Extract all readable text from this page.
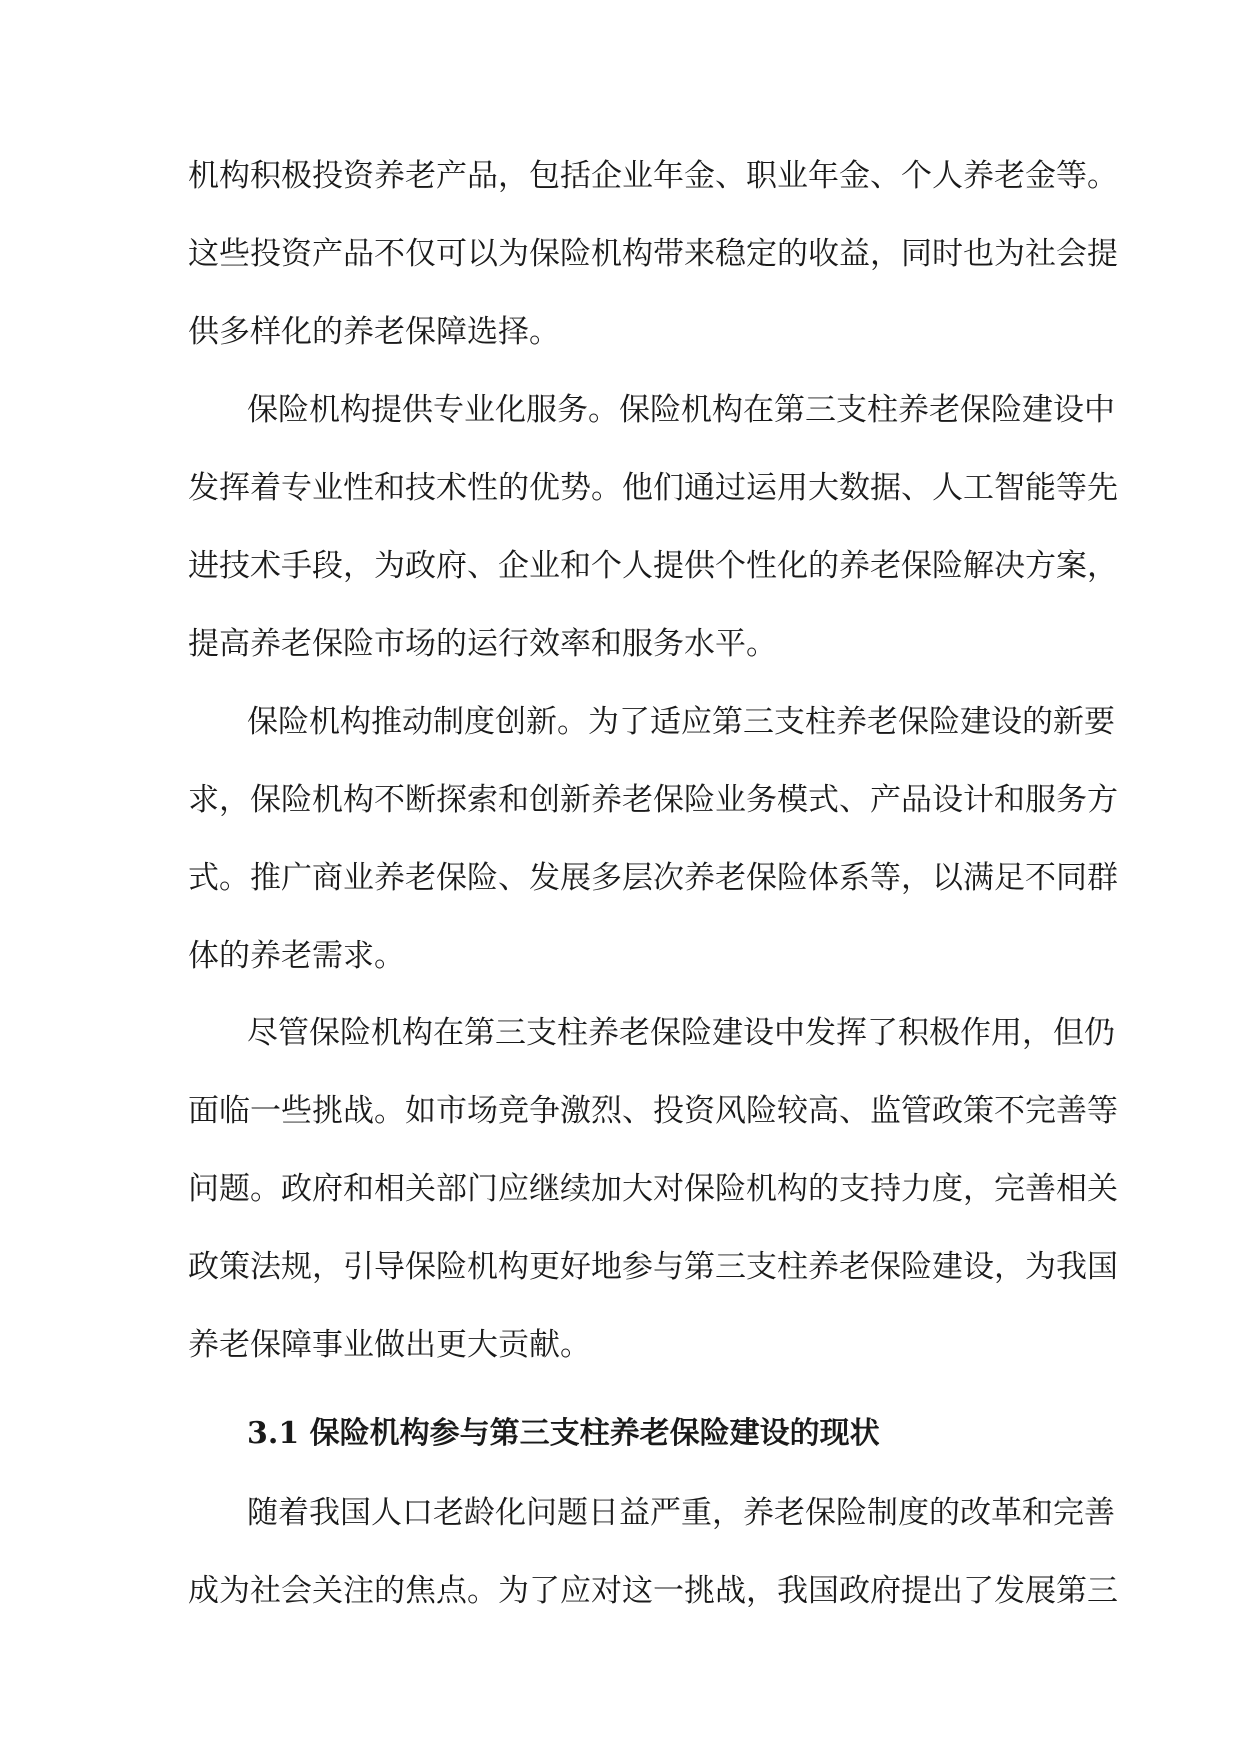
机构积极投资养老产品，包括企业年金、职业年金、个人养老金等。
这些投资产品不仅可以为保险机构带来稳定的收益，同时也为社会提
供多样化的养老保障选择。
保险机构提供专业化服务。保险机构在第三支柱养老保险建设中
发挥着专业性和技术性的优势。他们通过运用大数据、人工智能等先
进技术手段，为政府、企业和个人提供个性化的养老保险解决方案，
提高养老保险市场的运行效率和服务水平。
保险机构推动制度创新。为了适应第三支柱养老保险建设的新要
求，保险机构不断探索和创新养老保险业务模式、产品设计和服务方
式。推广商业养老保险、发展多层次养老保险体系等，以满足不同群
体的养老需求。
尽管保险机构在第三支柱养老保险建设中发挥了积极作用，但仍
面临一些挑战。如市场竞争激烈、投资风险较高、监管政策不完善等
问题。政府和相关部门应继续加大对保险机构的支持力度，完善相关
政策法规，引导保险机构更好地参与第三支柱养老保险建设，为我国
养老保障事业做出更大贡献。
3.1 保险机构参与第三支柱养老保险建设的现状
随着我国人口老龄化问题日益严重，养老保险制度的改革和完善
成为社会关注的焦点。为了应对这一挑战，我国政府提出了发展第三
